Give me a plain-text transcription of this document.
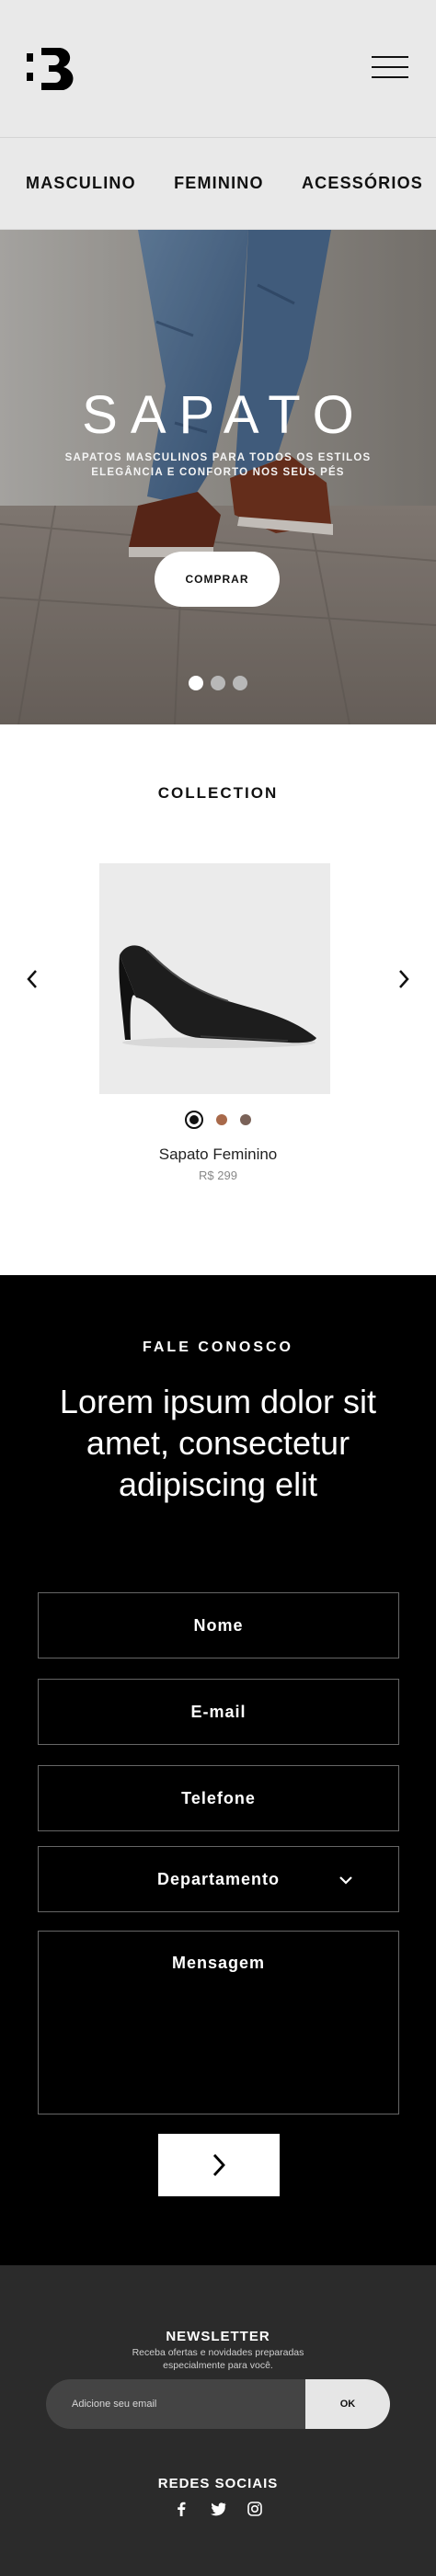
MASCULINO FEMININO ACESSÓRIOS
SAPATO

SAPATOS MASCULINOS PARA TODOS OS ESTILOS ELEGÂNCIA E CONFORTO NOS SEUS PÉS

COMPRAR
COLLECTION
Sapato Feminino
R$ 299
FALE CONOSCO
Lorem ipsum dolor sit amet, consectetur adipiscing elit
Nome
E-mail
Telefone
Departamento
Mensagem
NEWSLETTER

Receba ofertas e novidades preparadas especialmente para você.

Adicione seu email	OK
REDES SOCIAIS
